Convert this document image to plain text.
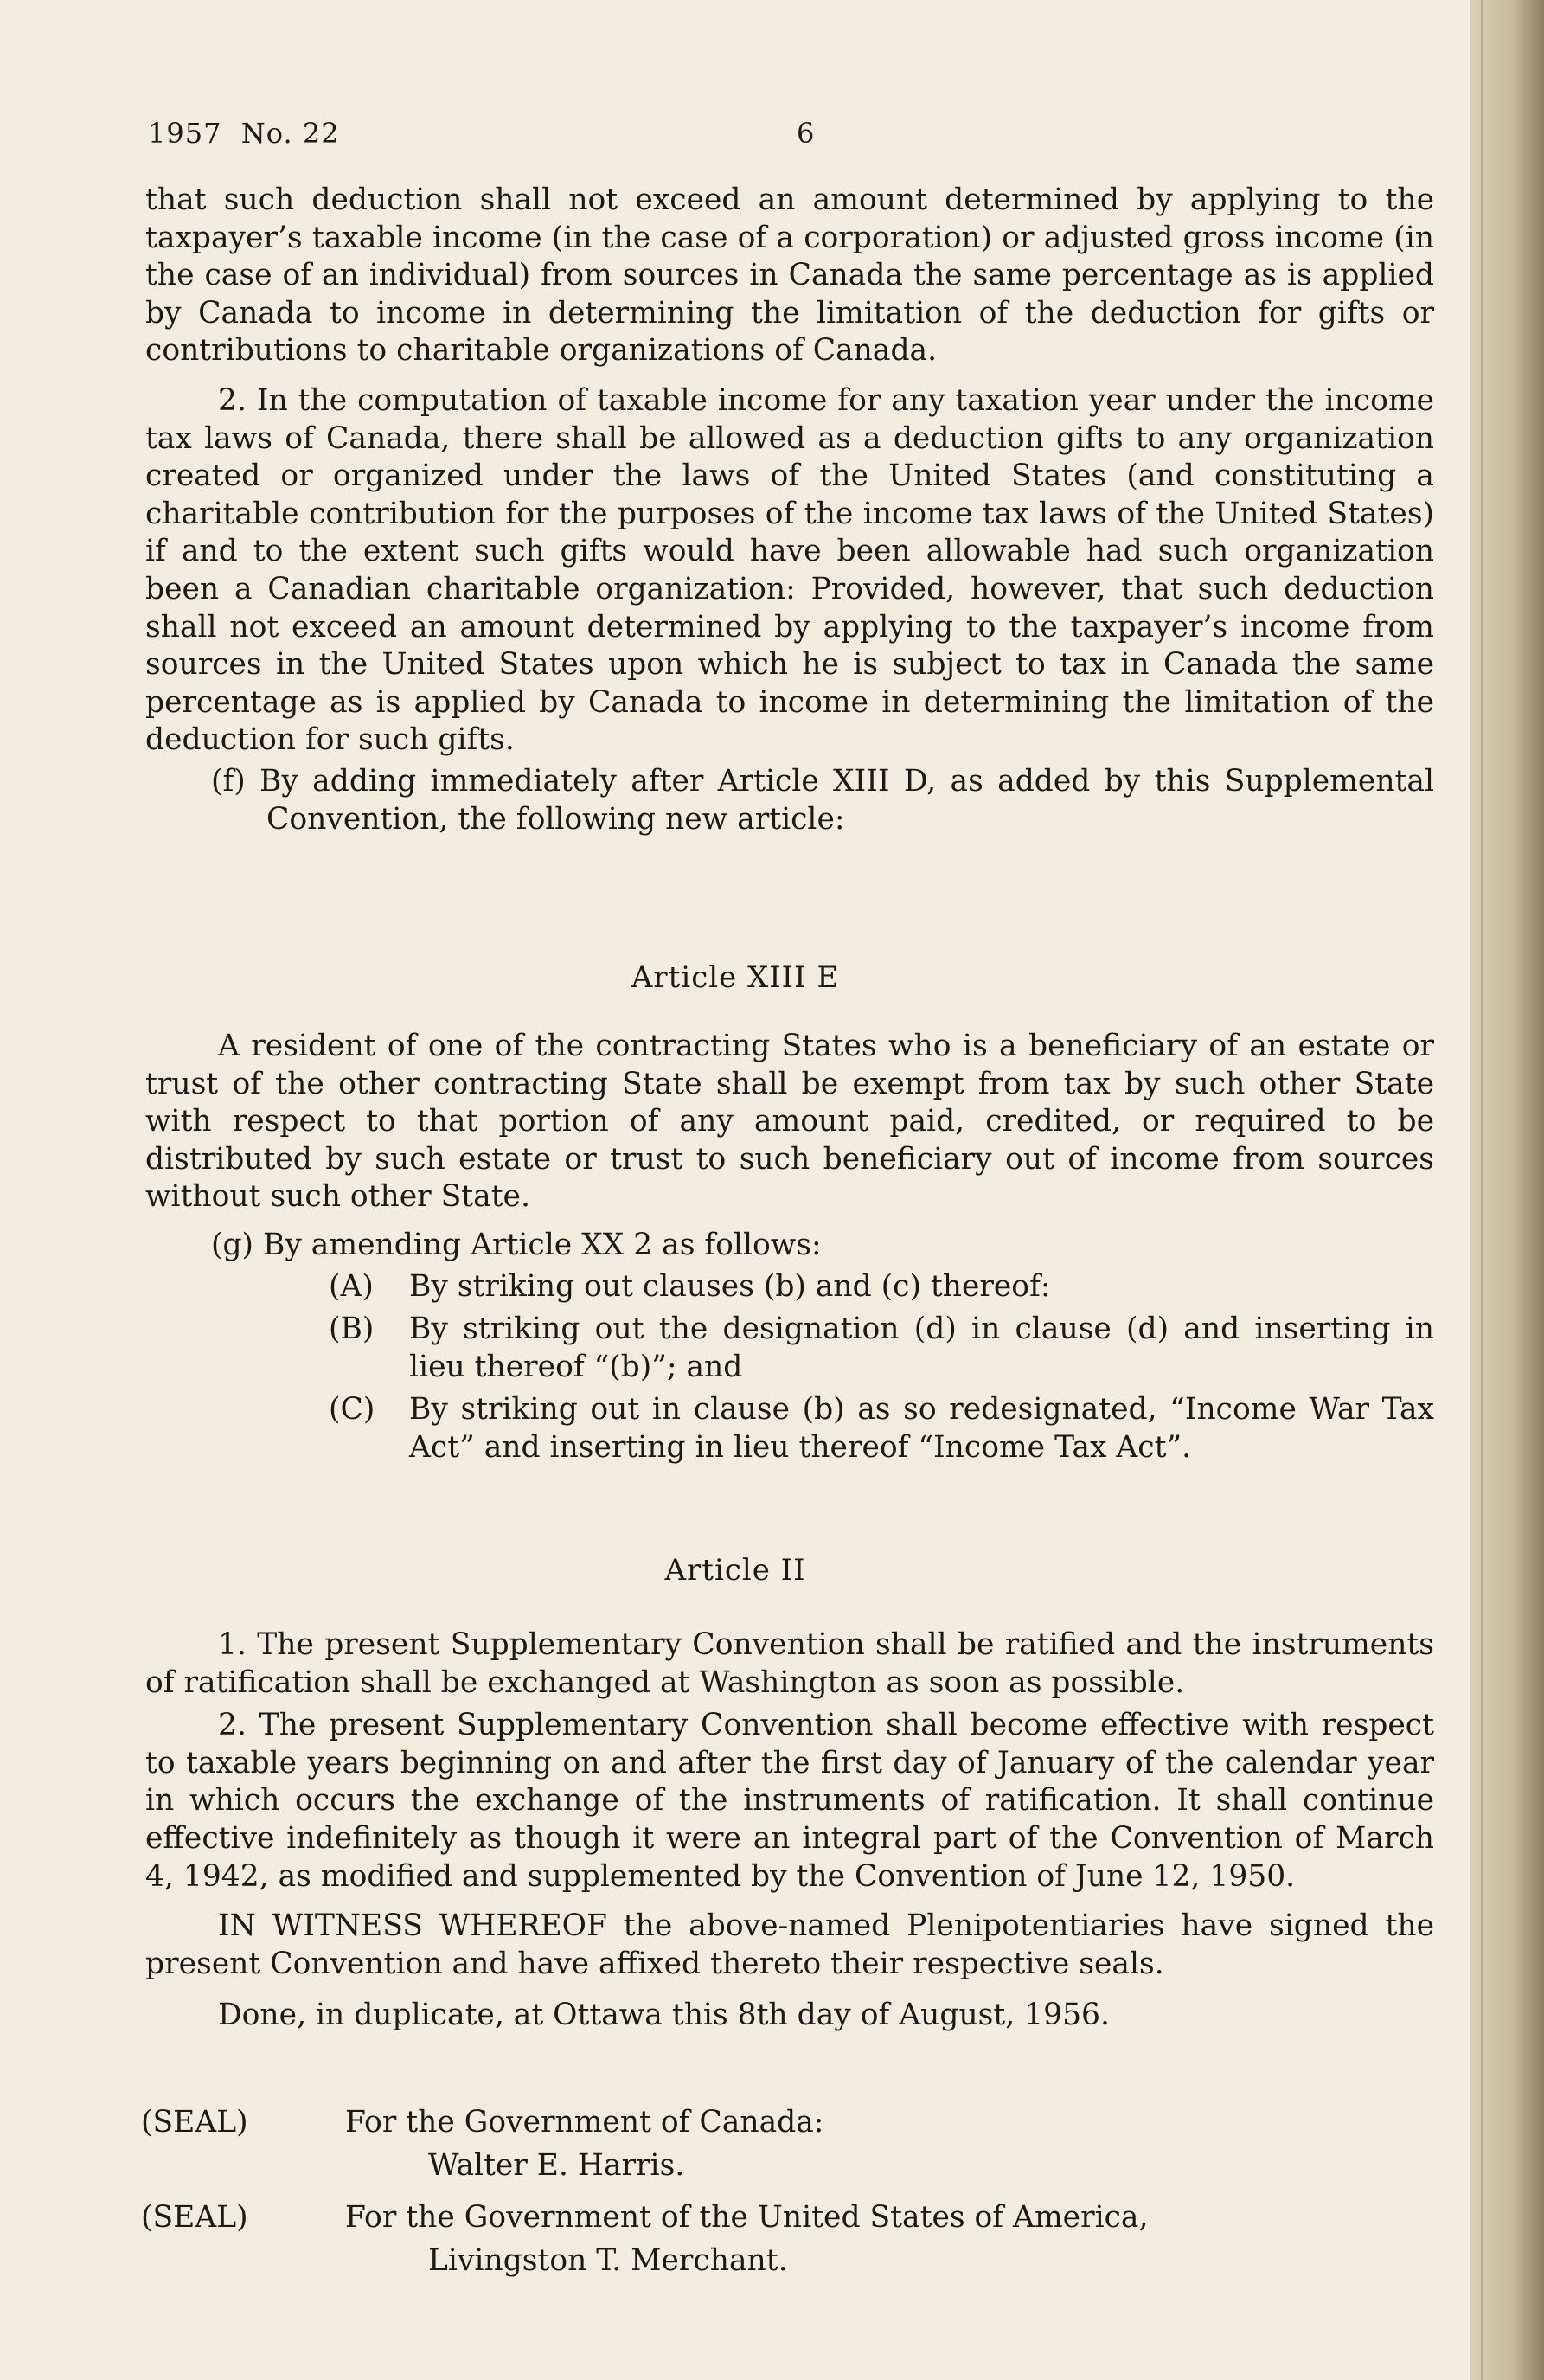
1957  No. 22	6

that such deduction shall not exceed an amount determined by applying to the taxpayer’s taxable income (in the case of a corporation) or adjusted gross income (in the case of an individual) from sources in Canada the same percentage as is applied by Canada to income in determining the limitation of the deduction for gifts or contributions to charitable organizations of Canada.

2. In the computation of taxable income for any taxation year under the income tax laws of Canada, there shall be allowed as a deduction gifts to any organization created or organized under the laws of the United States (and constituting a charitable contribution for the purposes of the income tax laws of the United States) if and to the extent such gifts would have been allowable had such organization been a Canadian charitable organization: Provided, however, that such deduction shall not exceed an amount determined by applying to the taxpayer’s income from sources in the United States upon which he is subject to tax in Canada the same percentage as is applied by Canada to income in determining the limitation of the deduction for such gifts.

(f) By adding immediately after Article XIII D, as added by this Supplemental Convention, the following new article:

Article XIII E

A resident of one of the contracting States who is a beneficiary of an estate or trust of the other contracting State shall be exempt from tax by such other State with respect to that portion of any amount paid, credited, or required to be distributed by such estate or trust to such beneficiary out of income from sources without such other State.

(g) By amending Article XX 2 as follows:

(A) By striking out clauses (b) and (c) thereof:

(B) By striking out the designation (d) in clause (d) and inserting in lieu thereof “(b)”; and

(C) By striking out in clause (b) as so redesignated, “Income War Tax Act” and inserting in lieu thereof “Income Tax Act”.

Article II

1. The present Supplementary Convention shall be ratified and the instruments of ratification shall be exchanged at Washington as soon as possible.

2. The present Supplementary Convention shall become effective with respect to taxable years beginning on and after the first day of January of the calendar year in which occurs the exchange of the instruments of ratification. It shall continue effective indefinitely as though it were an integral part of the Convention of March 4, 1942, as modified and supplemented by the Convention of June 12, 1950.

IN WITNESS WHEREOF the above-named Plenipotentiaries have signed the present Convention and have affixed thereto their respective seals.

Done, in duplicate, at Ottawa this 8th day of August, 1956.

(SEAL)	For the Government of Canada:
Walter E. Harris.
(SEAL)	For the Government of the United States of America,
Livingston T. Merchant.
